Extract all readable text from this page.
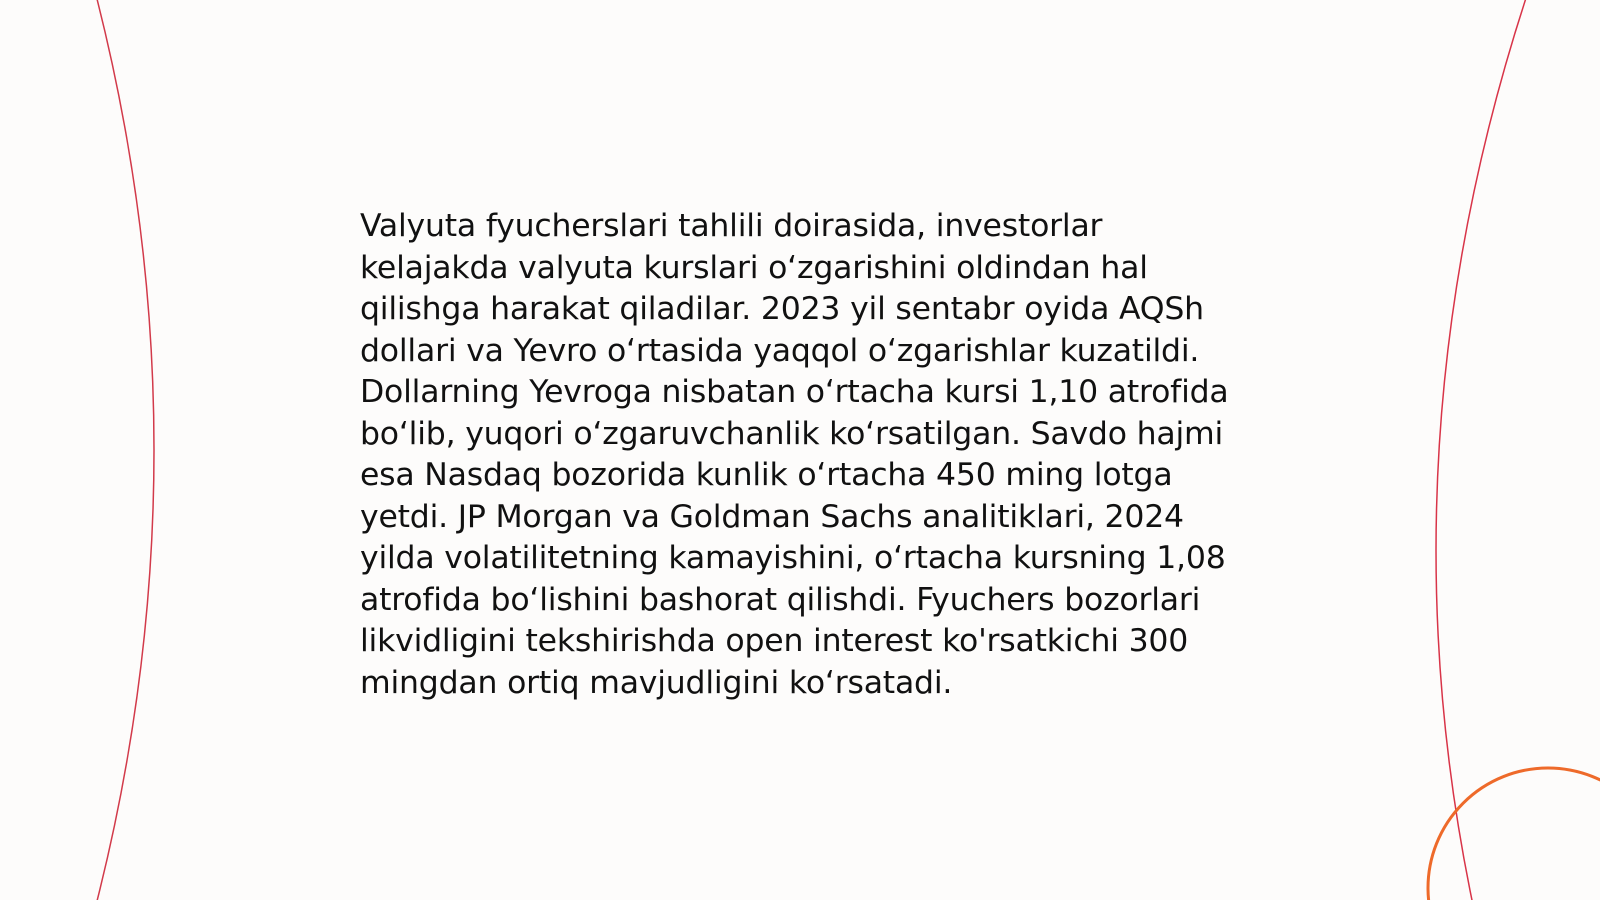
Valyuta fyucherslari tahlili doirasida, investorlar kelajakda valyuta kurslari o‘zgarishini oldindan hal qilishga harakat qiladilar. 2023 yil sentabr oyida AQSh dollari va Yevro o‘rtasida yaqqol o‘zgarishlar kuzatildi. Dollarning Yevroga nisbatan o‘rtacha kursi 1,10 atrofida bo‘lib, yuqori o‘zgaruvchanlik ko‘rsatilgan. Savdo hajmi esa Nasdaq bozorida kunlik o‘rtacha 450 ming lotga yetdi. JP Morgan va Goldman Sachs analitiklari, 2024 yilda volatilitetning kamayishini, o‘rtacha kursning 1,08 atrofida bo‘lishini bashorat qilishdi. Fyuchers bozorlari likvidligini tekshirishda open interest ko'rsatkichi 300 mingdan ortiq mavjudligini ko‘rsatadi.
